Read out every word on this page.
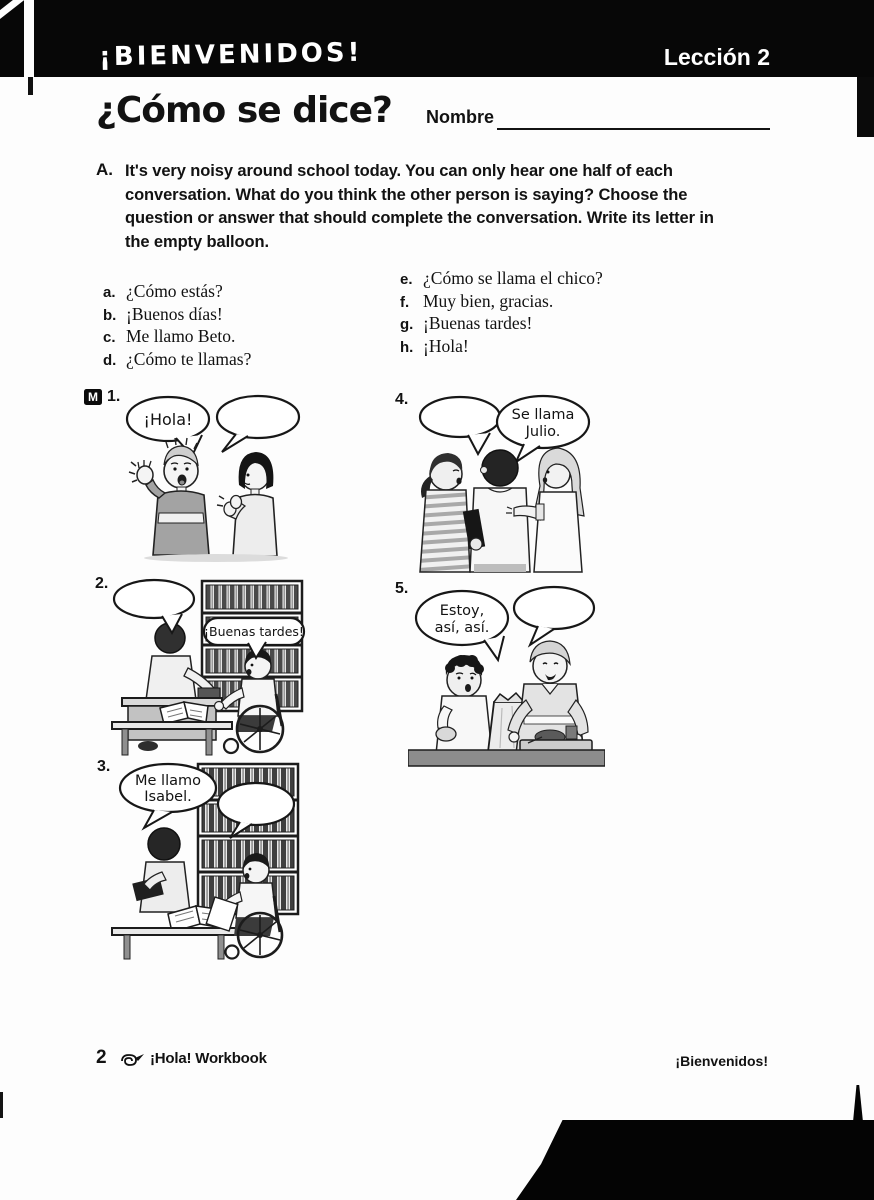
¡BIENVENIDOS!	Lección 2
¿Cómo se dice? Nombre
A. It's very noisy around school today. You can only hear one half of each
conversation. What do you think the other person is saying? Choose the
question or answer that should complete the conversation. Write its letter in
the empty balloon.
a. ¿Cómo estás?
b. ¡Buenos días!
c. Me llamo Beto.
d. ¿Cómo te llamas?
e. ¿Cómo se llama el chico?
f. Muy bien, gracias.
g. ¡Buenas tardes!
h. ¡Hola!
M 1.
2.
3.
4.
5.
¡Hola!
¡Buenas tardes!
Me llamo
Isabel.
Se llama
Julio.
Estoy,
así, así.
2	¡Hola! Workbook	¡Bienvenidos!
